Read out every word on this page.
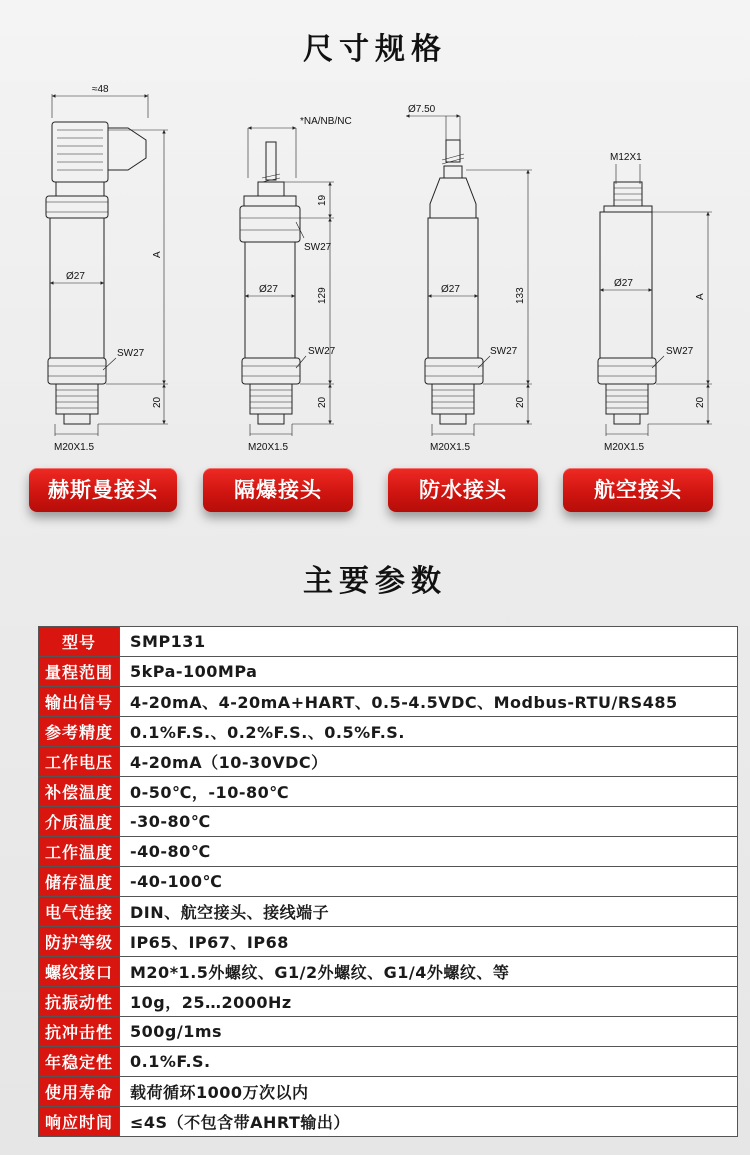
尺寸规格
≈48
Ø27
SW27
A
20
M20X1.5
*NA/NB/NC
19
SW27
Ø27	129
SW27
20
M20X1.5
Ø7.50
Ø27	133
SW27
20
M20X1.5
M12X1
Ø27
A
SW27
20
M20X1.5
赫斯曼接头	隔爆接头	防水接头	航空接头
主要参数
型号	SMP131
量程范围	5kPa-100MPa
输出信号	4-20mA、4-20mA+HART、0.5-4.5VDC、Modbus-RTU/RS485
参考精度	0.1%F.S.、0.2%F.S.、0.5%F.S.
工作电压	4-20mA（10-30VDC）
补偿温度	0-50℃，-10-80℃
介质温度	-30-80℃
工作温度	-40-80℃
储存温度	-40-100℃
电气连接	DIN、航空接头、接线端子
防护等级	IP65、IP67、IP68
螺纹接口	M20*1.5外螺纹、G1/2外螺纹、G1/4外螺纹、等
抗振动性	10g，25…2000Hz
抗冲击性	500g/1ms
年稳定性	0.1%F.S.
使用寿命	载荷循环1000万次以内
响应时间	≤4S（不包含带AHRT输出）
